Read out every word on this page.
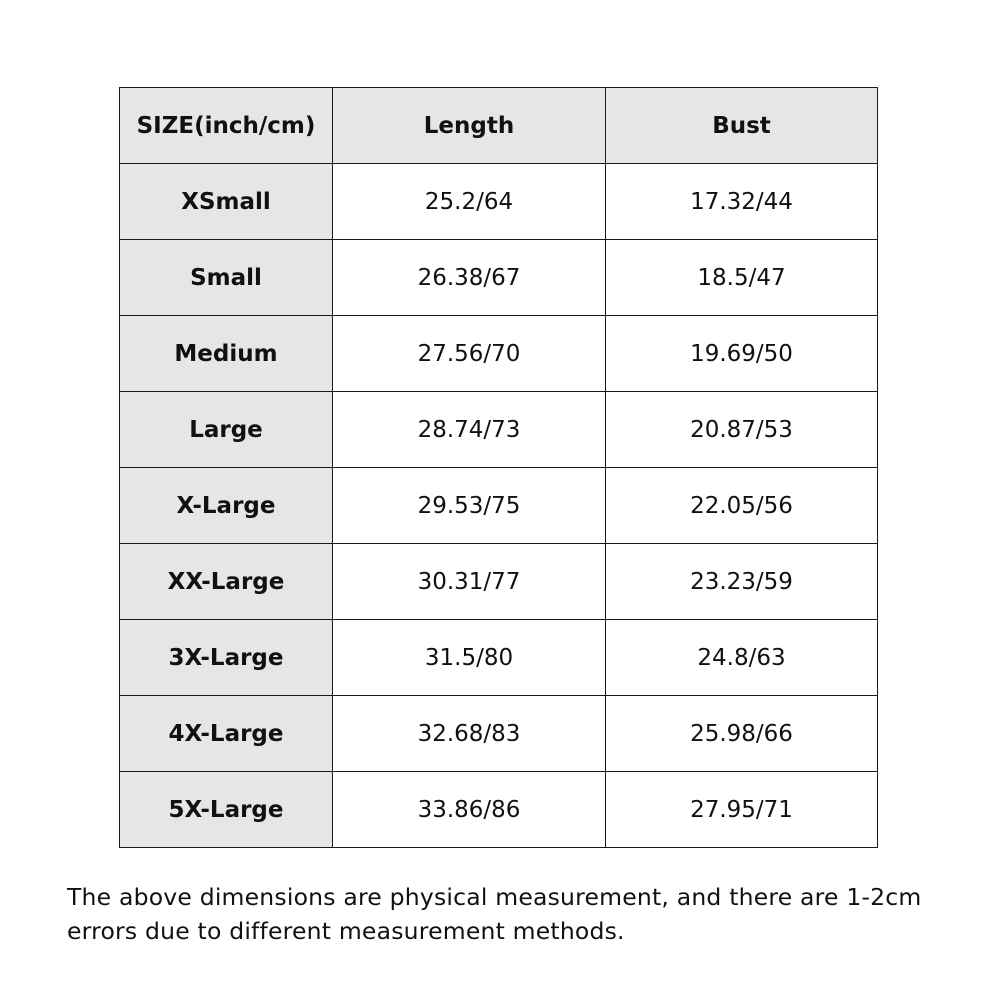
SIZE(inch/cm)	Length	Bust
XSmall	25.2/64	17.32/44
Small	26.38/67	18.5/47
Medium	27.56/70	19.69/50
Large	28.74/73	20.87/53
X-Large	29.53/75	22.05/56
XX-Large	30.31/77	23.23/59
3X-Large	31.5/80	24.8/63
4X-Large	32.68/83	25.98/66
5X-Large	33.86/86	27.95/71
The above dimensions are physical measurement, and there are 1-2cm
errors due to different measurement methods.
